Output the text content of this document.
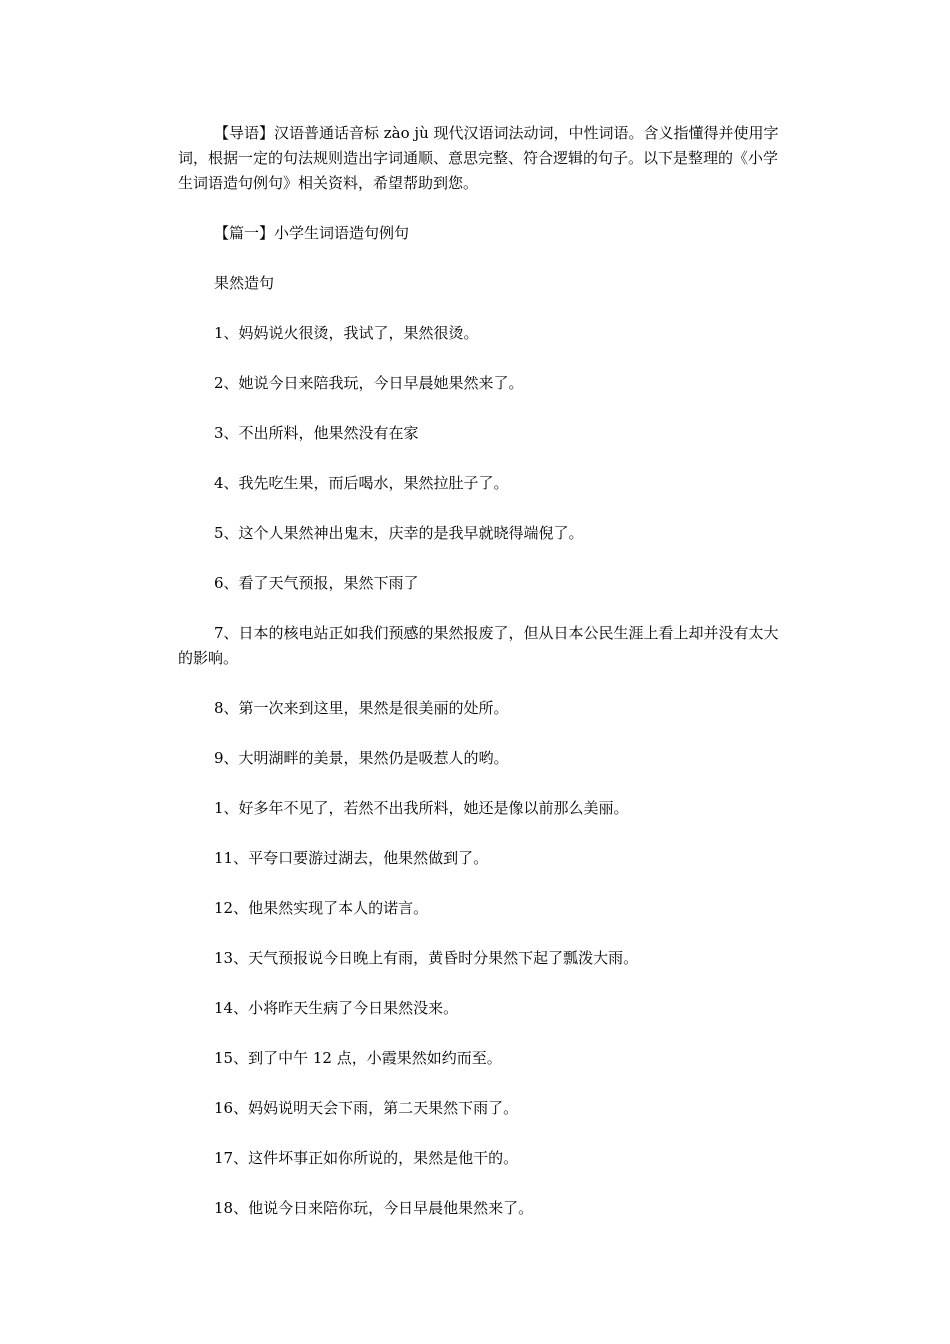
【导语】汉语普通话音标 zào jù 现代汉语词法动词，中性词语。含义指懂得并使用字词，根据一定的句法规则造出字词通顺、意思完整、符合逻辑的句子。以下是整理的《小学生词语造句例句》相关资料，希望帮助到您。

【篇一】小学生词语造句例句

果然造句

1、妈妈说火很烫，我试了，果然很烫。

2、她说今日来陪我玩，今日早晨她果然来了。

3、不出所料，他果然没有在家

4、我先吃生果，而后喝水，果然拉肚子了。

5、这个人果然神出鬼末，庆幸的是我早就晓得端倪了。

6、看了天气预报，果然下雨了

7、日本的核电站正如我们预感的果然报废了，但从日本公民生涯上看上却并没有太大的影响。

8、第一次来到这里，果然是很美丽的处所。

9、大明湖畔的美景，果然仍是吸惹人的哟。

1、好多年不见了，若然不出我所料，她还是像以前那么美丽。

11、平夸口要游过湖去，他果然做到了。

12、他果然实现了本人的诺言。

13、天气预报说今日晚上有雨，黄昏时分果然下起了瓢泼大雨。

14、小将昨天生病了今日果然没来。

15、到了中午 12 点，小霞果然如约而至。

16、妈妈说明天会下雨，第二天果然下雨了。

17、这件坏事正如你所说的，果然是他干的。

18、他说今日来陪你玩，今日早晨他果然来了。
